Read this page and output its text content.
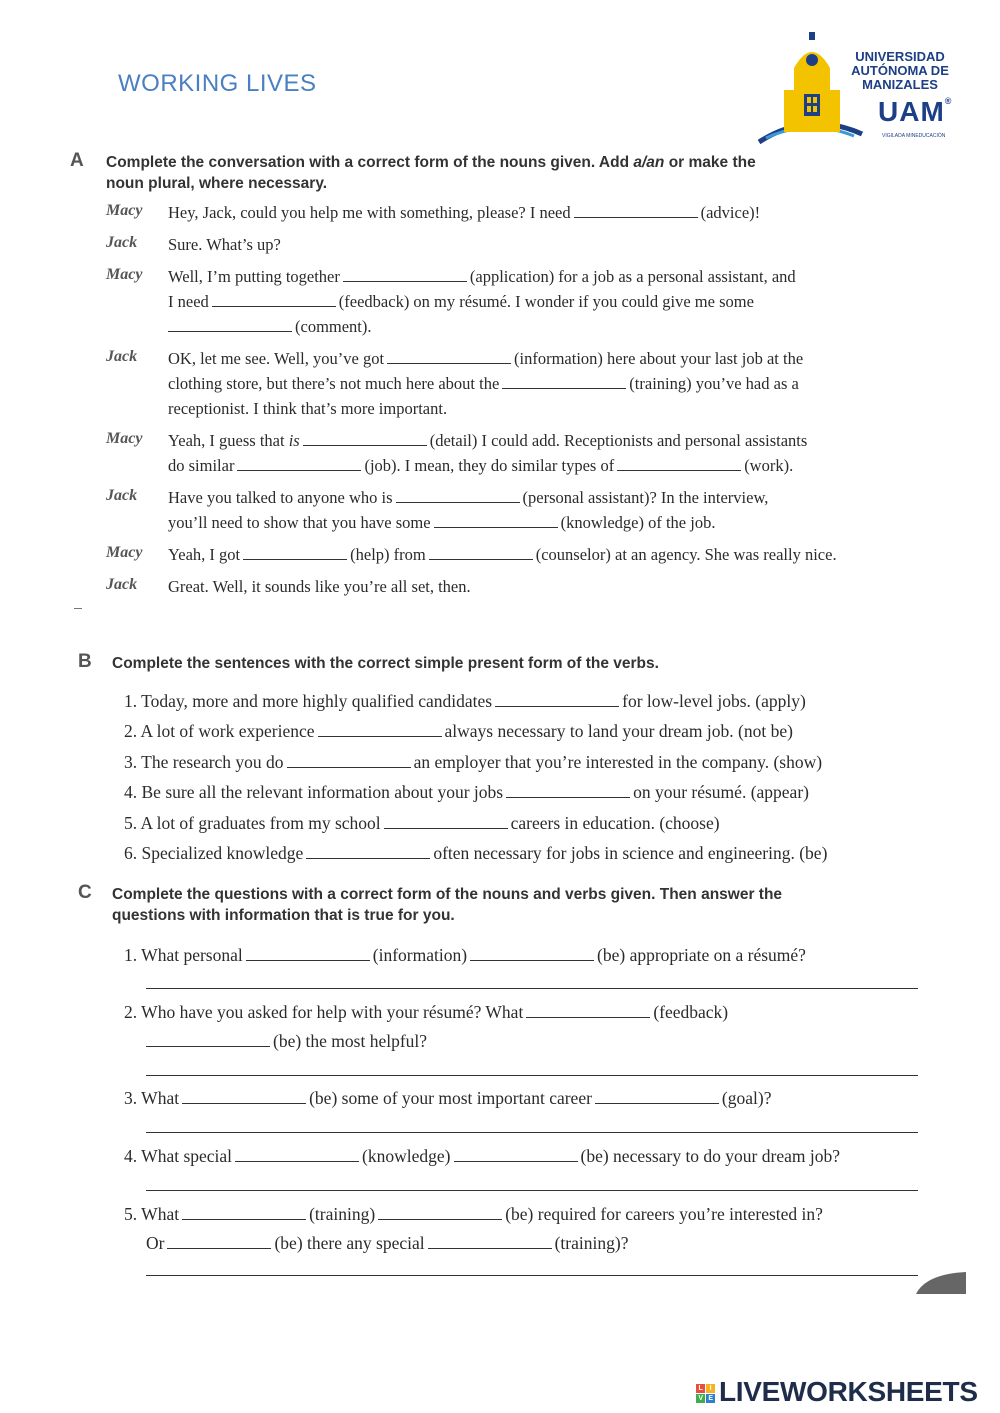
WORKING LIVES
UNIVERSIDAD
AUTÓNOMA DE
MANIZALES
UAM®
VIGILADA MINEDUCACIÓN
A Complete the conversation with a correct form of the nouns given. Add a/an or make the
noun plural, where necessary.
Macy Hey, Jack, could you help me with something, please? I need	(advice)!
Jack Sure. What’s up?
Macy Well, I’m putting together	(application) for a job as a personal assistant, and
I need	(feedback) on my résumé. I wonder if you could give me some
(comment).
Jack OK, let me see. Well, you’ve got	(information) here about your last job at the
clothing store, but there’s not much here about the	(training) you’ve had as a
receptionist. I think that’s more important.
Macy Yeah, I guess that is	(detail) I could add. Receptionists and personal assistants
do similar	(job). I mean, they do similar types of	(work).
Jack Have you talked to anyone who is	(personal assistant)? In the interview,
you’ll need to show that you have some	(knowledge) of the job.
Macy Yeah, I got	(help) from	(counselor) at an agency. She was really nice.
Jack Great. Well, it sounds like you’re all set, then.
B Complete the sentences with the correct simple present form of the verbs.
1. Today, more and more highly qualified candidates	for low-level jobs. (apply)
2. A lot of work experience	always necessary to land your dream job. (not be)
3. The research you do	an employer that you’re interested in the company. (show)
4. Be sure all the relevant information about your jobs	on your résumé. (appear)
5. A lot of graduates from my school	careers in education. (choose)
6. Specialized knowledge	often necessary for jobs in science and engineering. (be)
C Complete the questions with a correct form of the nouns and verbs given. Then answer the
questions with information that is true for you.
1. What personal	(information)	(be) appropriate on a résumé?
2. Who have you asked for help with your résumé? What	(feedback)
(be) the most helpful?
3. What	(be) some of your most important career	(goal)?
4. What special	(knowledge)	(be) necessary to do your dream job?
5. What	(training)	(be) required for careers you’re interested in?
Or	(be) there any special	(training)?
L	I
V E LIVEWORKSHEETS
